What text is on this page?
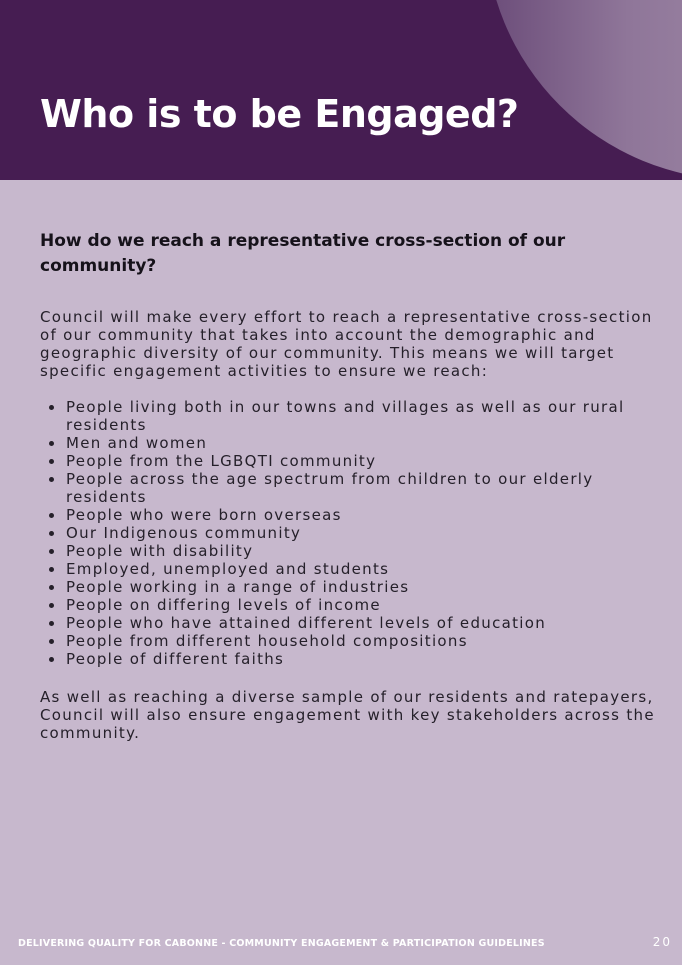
Who is to be Engaged?
How do we reach a representative cross-section of our community?

Council will make every effort to reach a representative cross-section of our community that takes into account the demographic and geographic diversity of our community. This means we will target specific engagement activities to ensure we reach:

People living both in our towns and villages as well as our rural residents
Men and women
People from the LGBQTI community
People across the age spectrum from children to our elderly residents
People who were born overseas
Our Indigenous community
People with disability
Employed, unemployed and students
People working in a range of industries
People on differing levels of income
People who have attained different levels of education
People from different household compositions
People of different faiths

As well as reaching a diverse sample of our residents and ratepayers, Council will also ensure engagement with key stakeholders across the community.

DELIVERING QUALITY FOR CABONNE - COMMUNITY ENGAGEMENT & PARTICIPATION GUIDELINES	20
